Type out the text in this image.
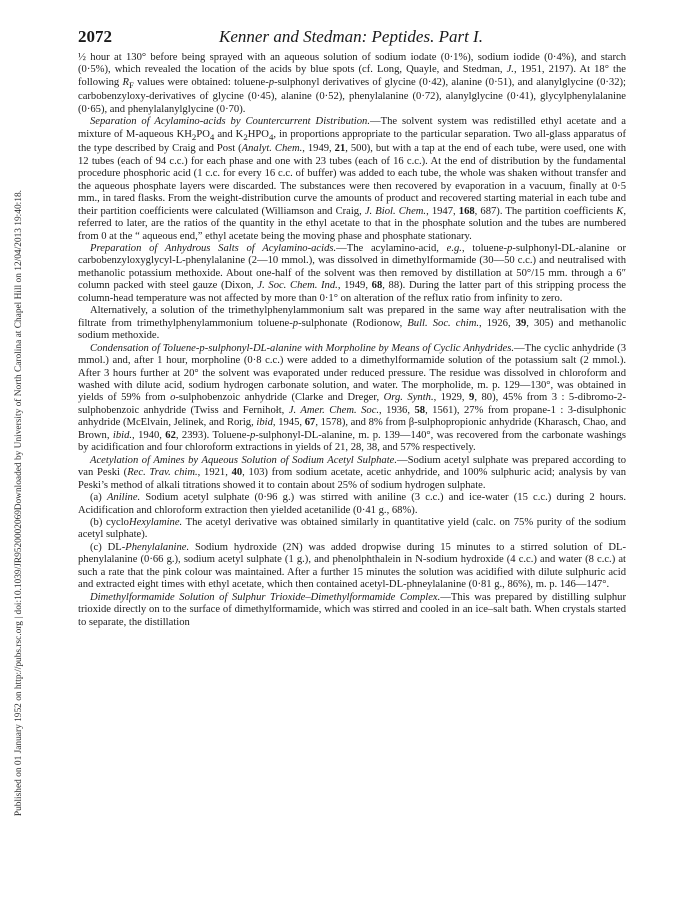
Downloaded by University of North Carolina at Chapel Hill on 12/04/2013 19:40:18.
Published on 01 January 1952 on http://pubs.rsc.org | doi:10.1039/JR9520002069
2072	Kenner and Stedman: Peptides. Part I.

½ hour at 130° before being sprayed with an aqueous solution of sodium iodate (0·1%), sodium iodide (0·4%), and starch (0·5%), which revealed the location of the acids by blue spots (cf. Long, Quayle, and Stedman, J., 1951, 2197). At 18° the following $R_F$ values were obtained: toluene-p-sulphonyl derivatives of glycine (0·42), alanine (0·51), and alanylglycine (0·32); carbobenzyloxy-derivatives of glycine (0·45), alanine (0·52), phenylalanine (0·72), alanylglycine (0·41), glycylphenylalanine (0·65), and phenylalanylglycine (0·70).

Separation of Acylamino-acids by Countercurrent Distribution.—The solvent system was redistilled ethyl acetate and a mixture of M-aqueous $KH_2PO_4$ and $K_2HPO_4$, in proportions appropriate to the particular separation. Two all-glass apparatus of the type described by Craig and Post (Analyt. Chem., 1949, 21, 500), but with a tap at the end of each tube, were used, one with 12 tubes (each of 94 c.c.) for each phase and one with 23 tubes (each of 16 c.c.). At the end of distribution by the fundamental procedure phosphoric acid (1 c.c. for every 16 c.c. of buffer) was added to each tube, the whole was shaken without transfer and the aqueous phosphate layers were discarded. The substances were then recovered by evaporation in a vacuum, finally at 0·5 mm., in tared flasks. From the weight-distribution curve the amounts of product and recovered starting material in each tube and their partition coefficients were calculated (Williamson and Craig, J. Biol. Chem., 1947, 168, 687). The partition coefficients K, referred to later, are the ratios of the quantity in the ethyl acetate to that in the phosphate solution and the tubes are numbered from 0 at the “ aqueous end,” ethyl acetate being the moving phase and phosphate stationary.

Preparation of Anhydrous Salts of Acylamino-acids.—The acylamino-acid, e.g., toluene-p-sulphonyl-DL-alanine or carbobenzyloxyglycyl-L-phenylalanine (2—10 mmol.), was dissolved in dimethylformamide (30—50 c.c.) and neutralised with methanolic potassium methoxide. About one-half of the solvent was then removed by distillation at 50°/15 mm. through a 6″ column packed with steel gauze (Dixon, J. Soc. Chem. Ind., 1949, 68, 88). During the latter part of this stripping process the column-head temperature was not affected by more than 0·1° on alteration of the reflux ratio from infinity to zero.

Alternatively, a solution of the trimethylphenylammonium salt was prepared in the same way after neutralisation with the filtrate from trimethylphenylammonium toluene-p-sulphonate (Rodionow, Bull. Soc. chim., 1926, 39, 305) and methanolic sodium methoxide.

Condensation of Toluene-p-sulphonyl-DL-alanine with Morpholine by Means of Cyclic Anhydrides.—The cyclic anhydride (3 mmol.) and, after 1 hour, morpholine (0·8 c.c.) were added to a dimethylformamide solution of the potassium salt (2 mmol.). After 3 hours further at 20° the solvent was evaporated under reduced pressure. The residue was dissolved in chloroform and washed with dilute acid, sodium hydrogen carbonate solution, and water. The morpholide, m. p. 129—130°, was obtained in yields of 59% from o-sulphobenzoic anhydride (Clarke and Dreger, Org. Synth., 1929, 9, 80), 45% from 3 : 5-dibromo-2-sulphobenzoic anhydride (Twiss and Fernihołt, J. Amer. Chem. Soc., 1936, 58, 1561), 27% from propane-1 : 3-disulphonic anhydride (McElvain, Jelinek, and Rorig, ibid, 1945, 67, 1578), and 8% from β-sulphopropionic anhydride (Kharasch, Chao, and Brown, ibid., 1940, 62, 2393). Toluene-p-sulphonyl-DL-alanine, m. p. 139—140°, was recovered from the carbonate washings by acidification and four chloroform extractions in yields of 21, 28, 38, and 57% respectively.

Acetylation of Amines by Aqueous Solution of Sodium Acetyl Sulphate.—Sodium acetyl sulphate was prepared according to van Peski (Rec. Trav. chim., 1921, 40, 103) from sodium acetate, acetic anhydride, and 100% sulphuric acid; analysis by van Peski’s method of alkali titrations showed it to contain about 25% of sodium hydrogen sulphate.

(a) Aniline. Sodium acetyl sulphate (0·96 g.) was stirred with aniline (3 c.c.) and ice-water (15 c.c.) during 2 hours. Acidification and chloroform extraction then yielded acetanilide (0·41 g., 68%).

(b) cycloHexylamine. The acetyl derivative was obtained similarly in quantitative yield (calc. on 75% purity of the sodium acetyl sulphate).

(c) DL-Phenylalanine. Sodium hydroxide (2N) was added dropwise during 15 minutes to a stirred solution of DL-phenylalanine (0·66 g.), sodium acetyl sulphate (1 g.), and phenolphthalein in N-sodium hydroxide (4 c.c.) and water (8 c.c.) at such a rate that the pink colour was maintained. After a further 15 minutes the solution was acidified with dilute sulphuric acid and extracted eight times with ethyl acetate, which then contained acetyl-DL-phneylalanine (0·81 g., 86%), m. p. 146—147°.

Dimethylformamide Solution of Sulphur Trioxide–Dimethylformamide Complex.—This was prepared by distilling sulphur trioxide directly on to the surface of dimethylformamide, which was stirred and cooled in an ice–salt bath. When crystals started to separate, the distillation
